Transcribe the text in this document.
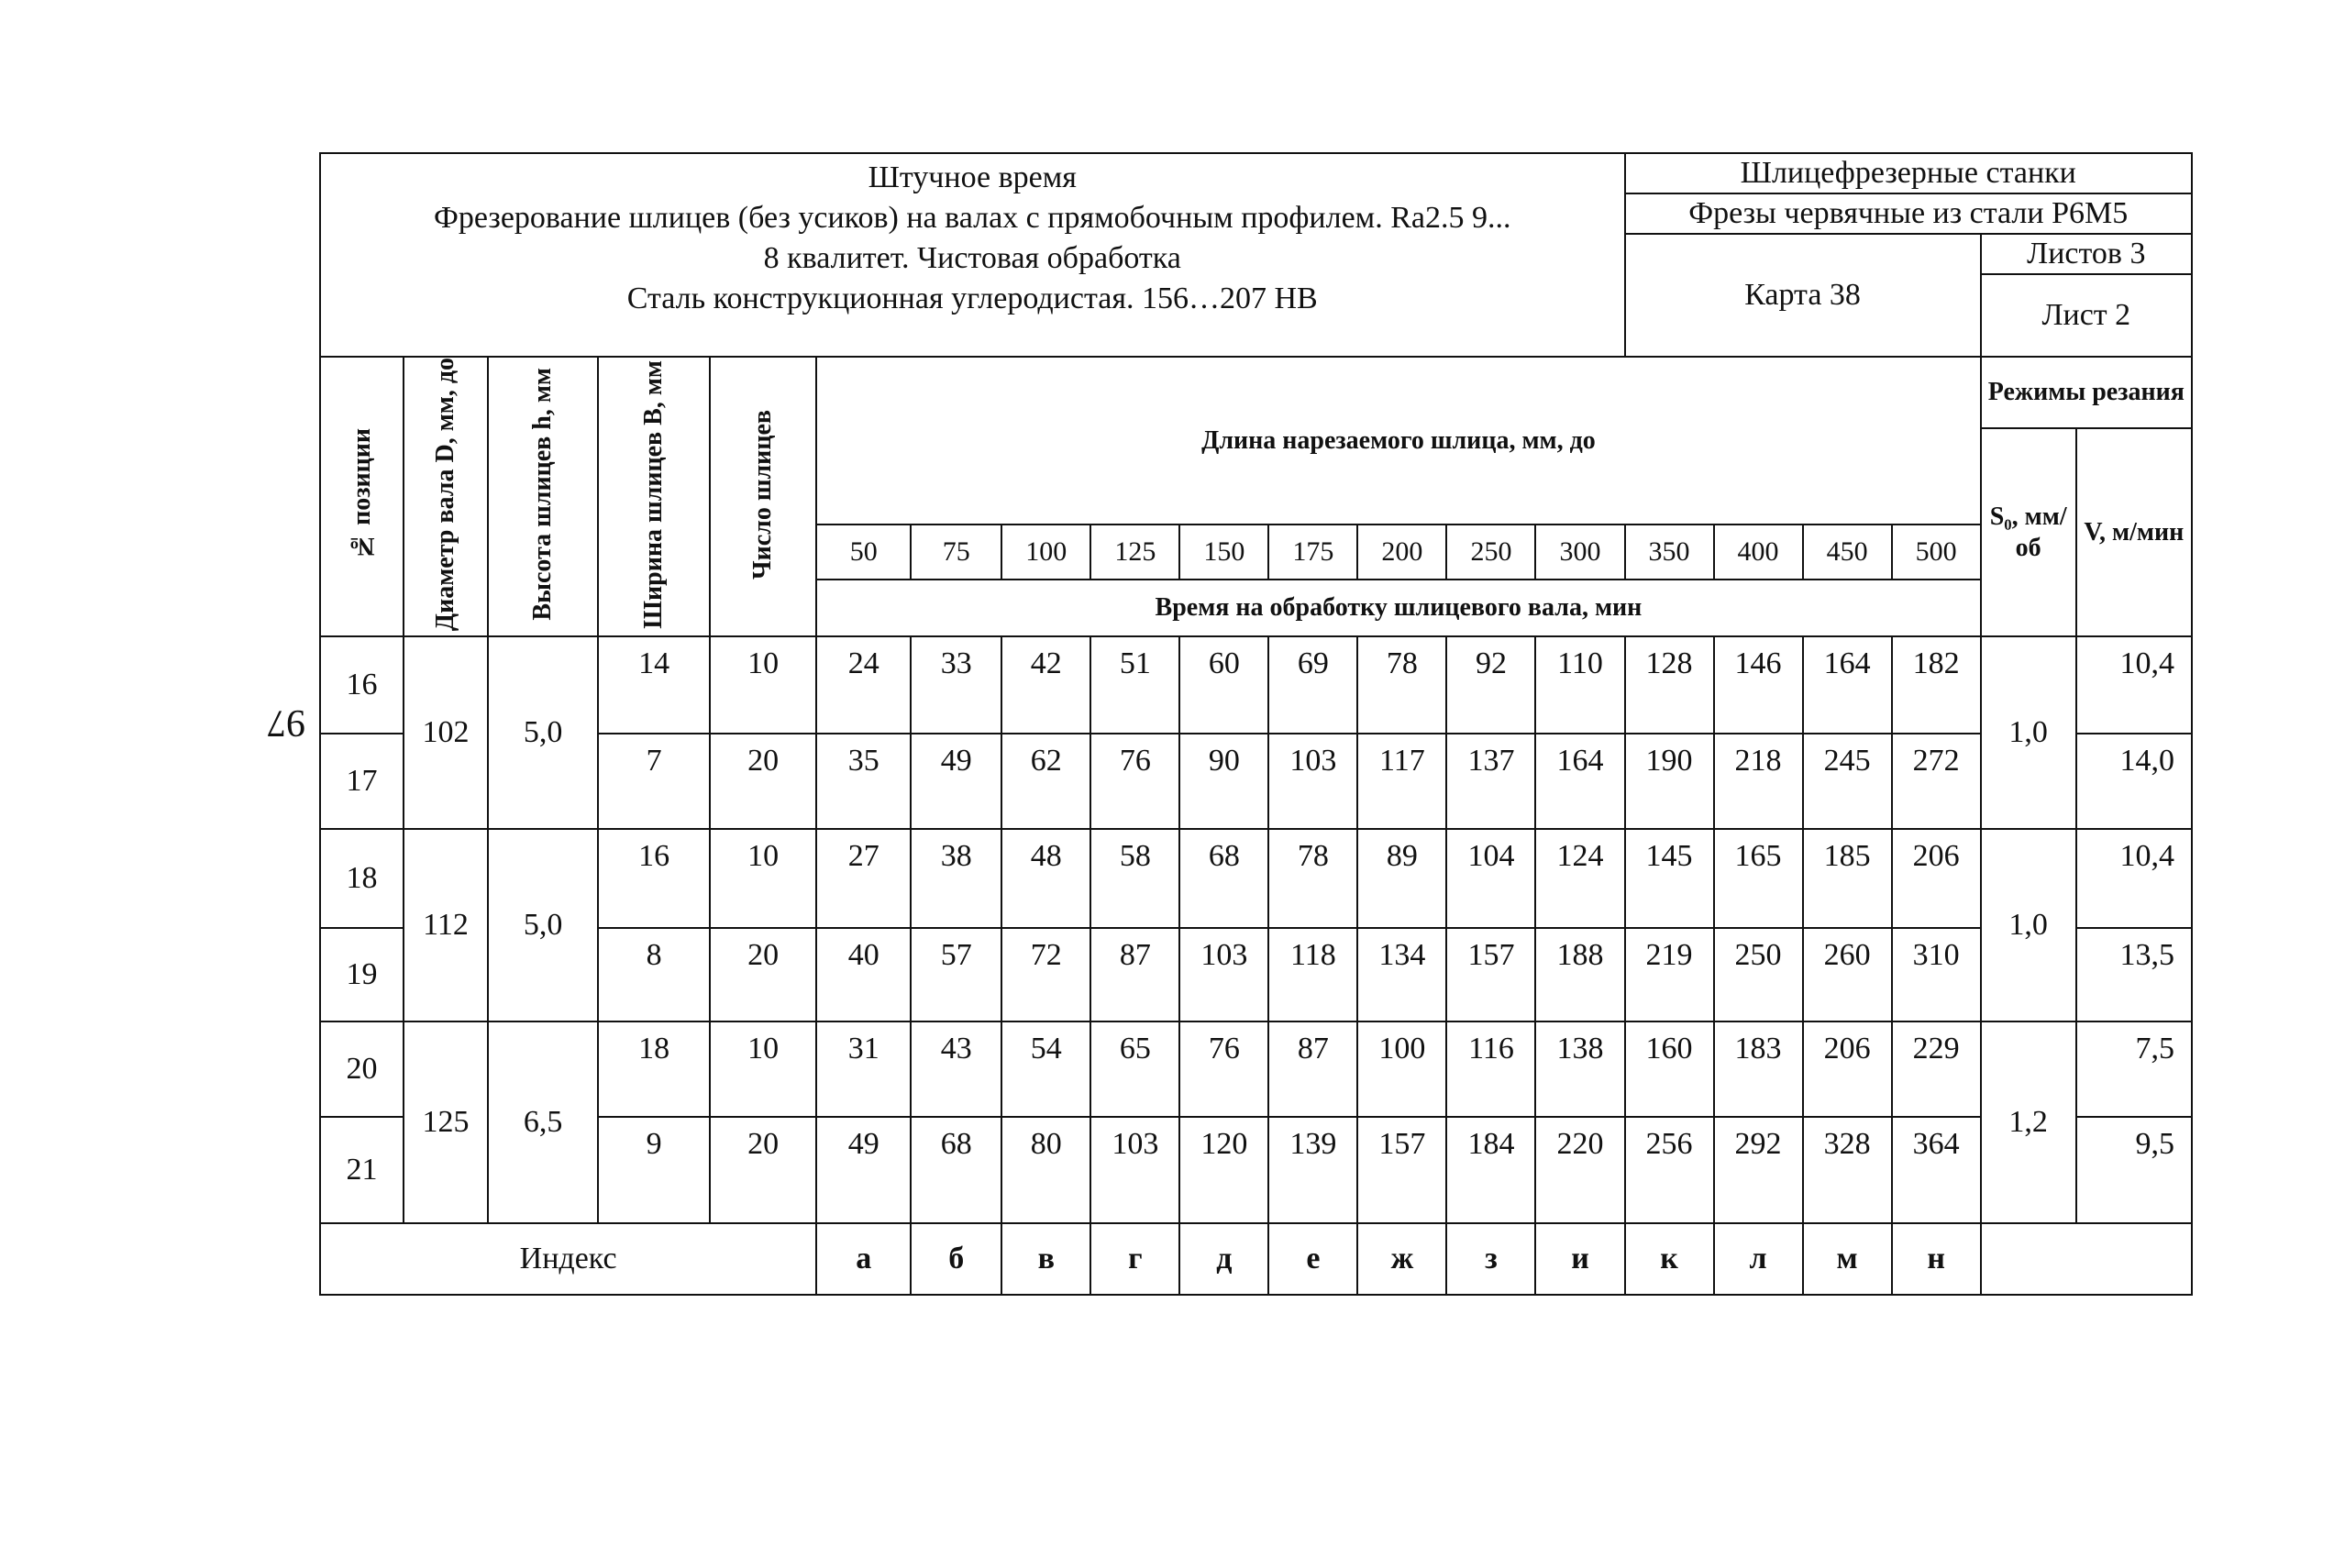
97
Штучное время
Фрезерование шлицев (без усиков) на валах с прямобочным профилем. Ra2.5 9...
8 квалитет. Чистовая обработка
Сталь конструкционная углеродистая. 156…207 НВ														Шлицефрезерные станки					
														Фрезы червячные из стали Р6М5					
														Карта 38				Листов 3	
																		Лист 2	
№ позиции	Диаметр вала D, мм, до	Высота шлицев h, мм	Ширина шлицев В, мм	Число шлицев	Длина нарезаемого шлица, мм, до													Режимы резания	
																		S₀, мм/ об	V, м/мин
					50	75	100	125	150	175	200	250	300	350	400	450	500		
					Время на обработку шлицевого вала, мин														
16	102	5,0	14	10	24	33	42	51	60	69	78	92	110	128	146	164	182	1,0	10,4
17			7	20	35	49	62	76	90	103	117	137	164	190	218	245	272		14,0
18	112	5,0	16	10	27	38	48	58	68	78	89	104	124	145	165	185	206	1,0	10,4
19			8	20	40	57	72	87	103	118	134	157	188	219	250	260	310		13,5
20	125	6,5	18	10	31	43	54	65	76	87	100	116	138	160	183	206	229	1,2	7,5
21			9	20	49	68	80	103	120	139	157	184	220	256	292	328	364		9,5
Индекс					а	б	в	г	д	е	ж	з	и	к	л	м	н		
